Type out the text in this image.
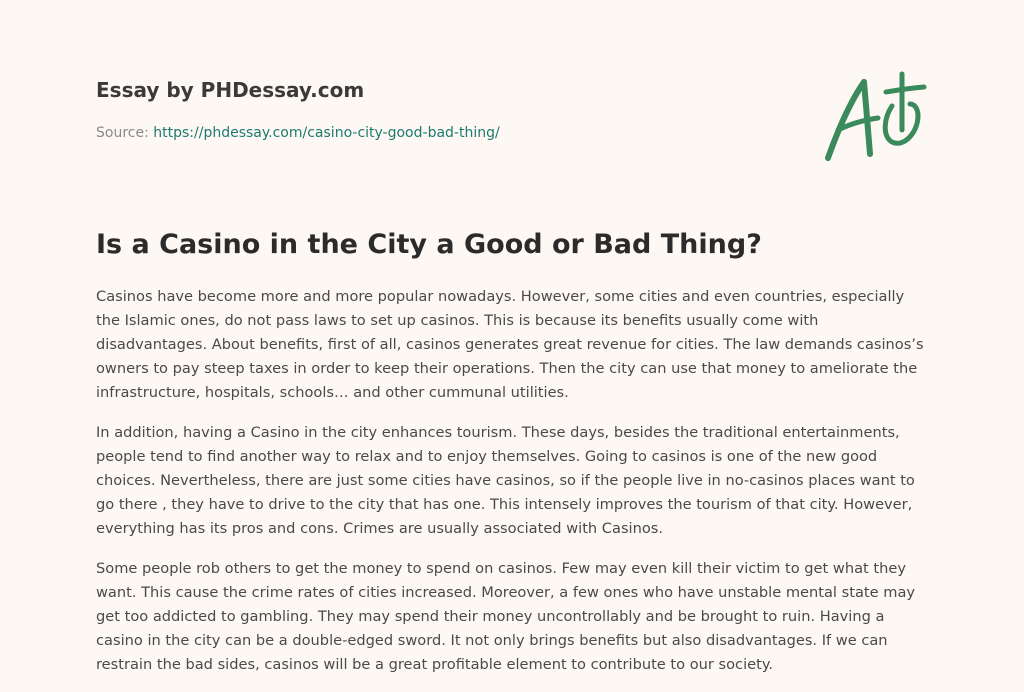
Essay by PHDessay.com
Source: https://phdessay.com/casino-city-good-bad-thing/
Is a Casino in the City a Good or Bad Thing?

Casinos have become more and more popular nowadays. However, some cities and even countries, especially the Islamic ones, do not pass laws to set up casinos. This is because its benefits usually come with disadvantages. About benefits, first of all, casinos generates great revenue for cities. The law demands casinos’s owners to pay steep taxes in order to keep their operations. Then the city can use that money to ameliorate the infrastructure, hospitals, schools… and other cummunal utilities.

In addition, having a Casino in the city enhances tourism. These days, besides the traditional entertainments, people tend to find another way to relax and to enjoy themselves. Going to casinos is one of the new good choices. Nevertheless, there are just some cities have casinos, so if the people live in no-casinos places want to go there , they have to drive to the city that has one. This intensely improves the tourism of that city. However, everything has its pros and cons. Crimes are usually associated with Casinos.

Some people rob others to get the money to spend on casinos. Few may even kill their victim to get what they want. This cause the crime rates of cities increased. Moreover, a few ones who have unstable mental state may get too addicted to gambling. They may spend their money uncontrollably and be brought to ruin. Having a casino in the city can be a double-edged sword. It not only brings benefits but also disadvantages. If we can restrain the bad sides, casinos will be a great profitable element to contribute to our society.
